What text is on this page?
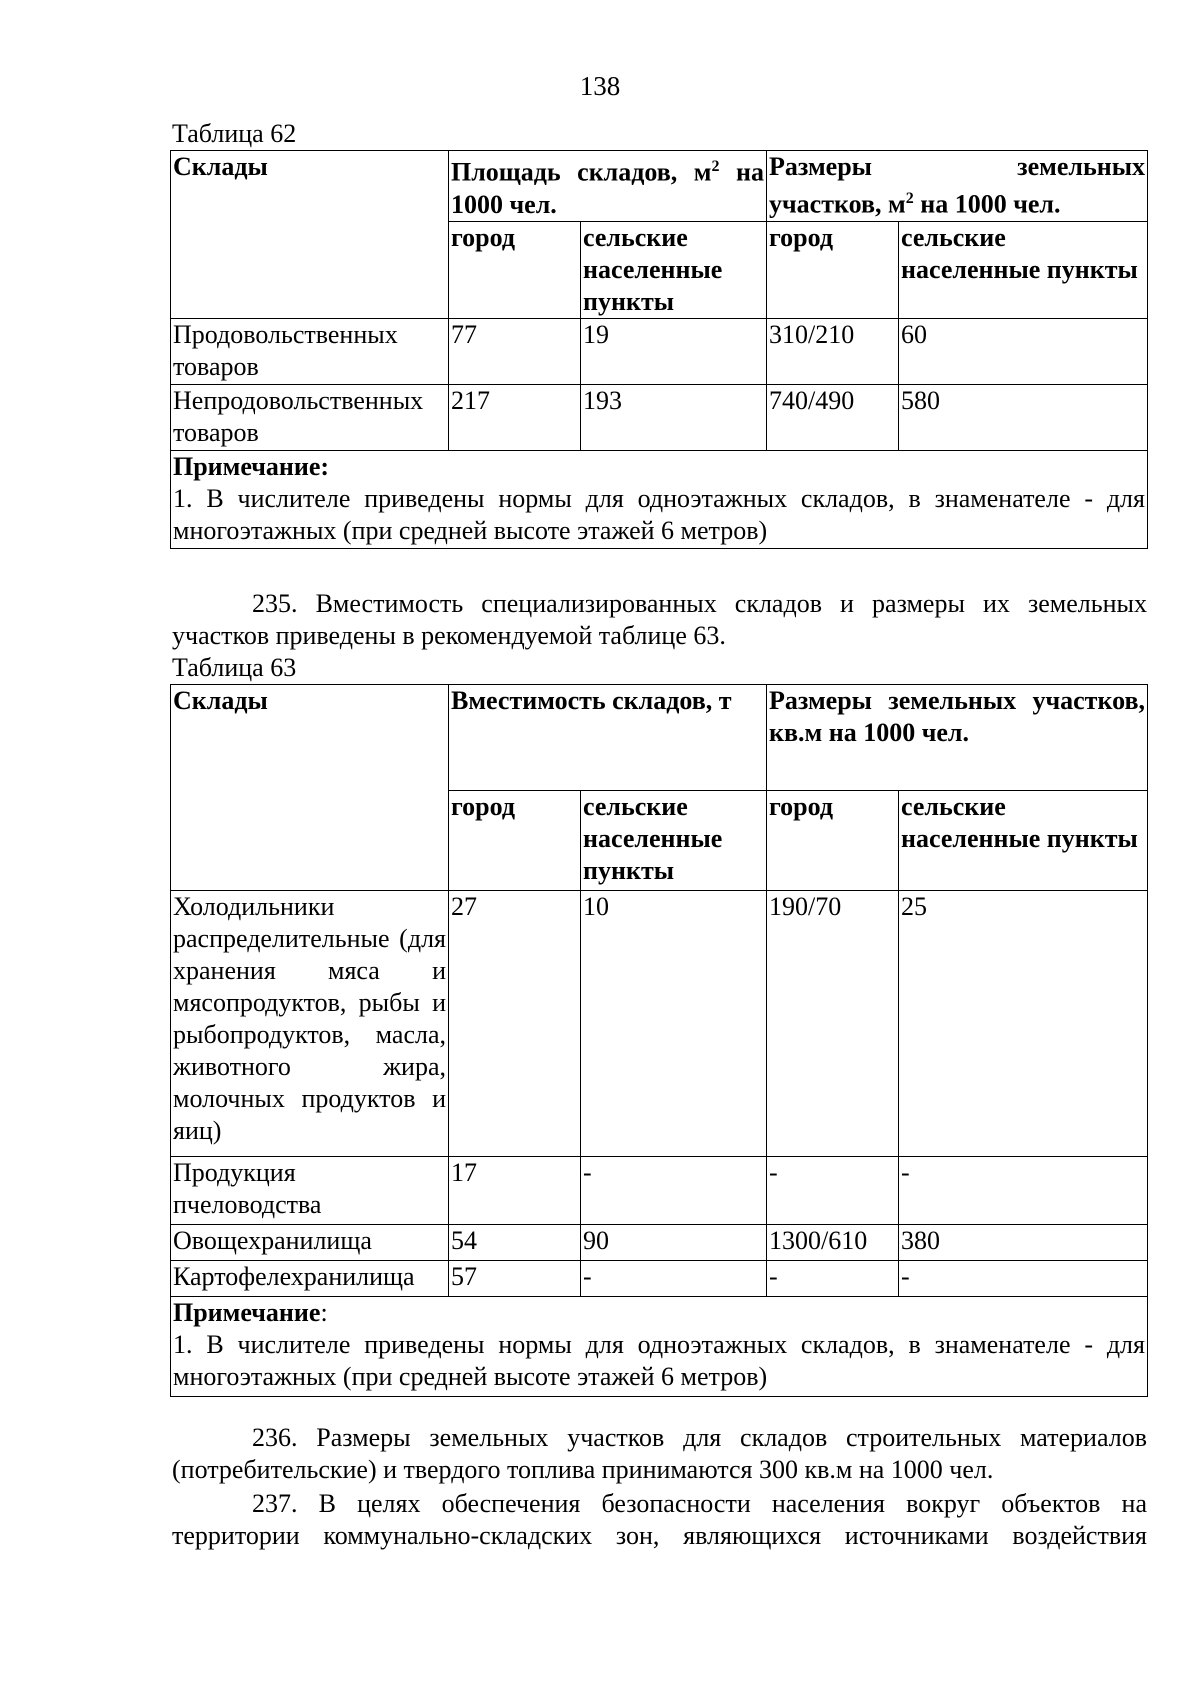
138
Таблица 62
Склады	Площадь складов, $м^2$ на 1000 чел.		Размеры земельных
участков, $м^2$ на 1000 чел.	
	город	сельские населенные пункты	город	сельские населенные пункты
Продовольственных товаров	77	19	310/210	60
Непродовольственных товаров	217	193	740/490	580

Примечание:
1. В числителе приведены нормы для одноэтажных складов, в знаменателе - для многоэтажных (при средней высоте этажей 6 метров)				
235. Вместимость специализированных складов и размеры их земельных
участков приведены в рекомендуемой таблице 63.
Таблица 63
Склады	Вместимость складов, т		Размеры земельных участков, кв.м на 1000 чел.	
	город	сельские населенные пункты	город	сельские населенные пункты
Холодильники распределительные (для хранения мяса и мясопродуктов, рыбы и рыбопродуктов, масла, животного жира, молочных продуктов и яиц)	27	10	190/70	25
Продукция пчеловодства	17	-	-	-
Овощехранилища	54	90	1300/610	380
Картофелехранилища	57	-	-	-

Примечание:
1. В числителе приведены нормы для одноэтажных складов, в знаменателе - для многоэтажных (при средней высоте этажей 6 метров)				
236. Размеры земельных участков для складов строительных материалов
(потребительские) и твердого топлива принимаются 300 кв.м на 1000 чел.
237. В целях обеспечения безопасности населения вокруг объектов на
территории коммунально-складских зон, являющихся источниками воздействия
